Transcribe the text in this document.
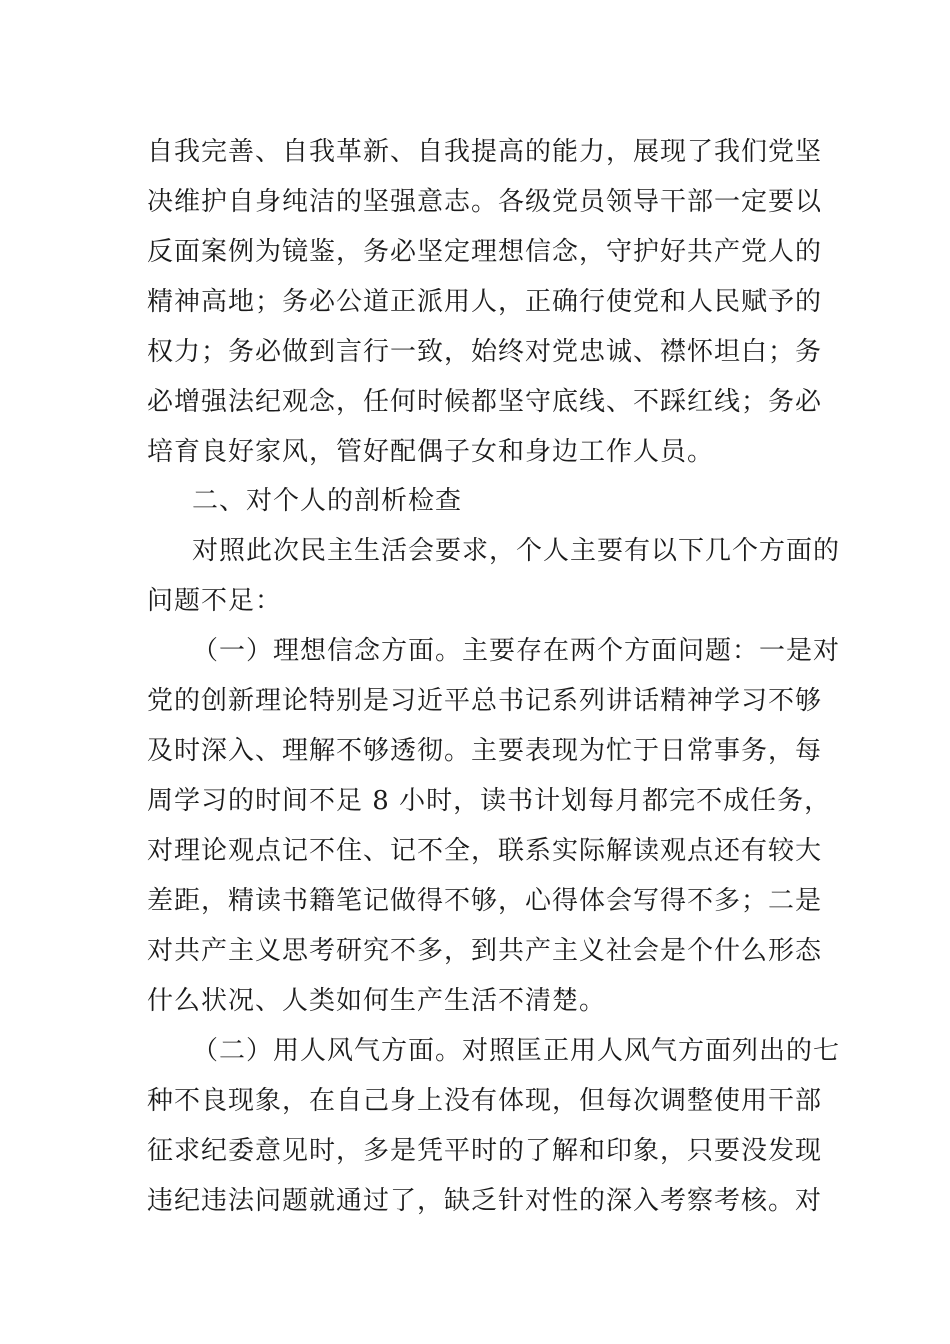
自我完善、自我革新、自我提高的能力，展现了我们党坚
决维护自身纯洁的坚强意志。各级党员领导干部一定要以
反面案例为镜鉴，务必坚定理想信念，守护好共产党人的
精神高地；务必公道正派用人，正确行使党和人民赋予的
权力；务必做到言行一致，始终对党忠诚、襟怀坦白；务
必增强法纪观念，任何时候都坚守底线、不踩红线；务必
培育良好家风，管好配偶子女和身边工作人员。
二、对个人的剖析检查
对照此次民主生活会要求，个人主要有以下几个方面的
问题不足：
（一）理想信念方面。主要存在两个方面问题：一是对
党的创新理论特别是习近平总书记系列讲话精神学习不够
及时深入、理解不够透彻。主要表现为忙于日常事务，每
周学习的时间不足 8 小时，读书计划每月都完不成任务，
对理论观点记不住、记不全，联系实际解读观点还有较大
差距，精读书籍笔记做得不够，心得体会写得不多；二是
对共产主义思考研究不多，到共产主义社会是个什么形态
什么状况、人类如何生产生活不清楚。
（二）用人风气方面。对照匡正用人风气方面列出的七
种不良现象，在自己身上没有体现，但每次调整使用干部
征求纪委意见时，多是凭平时的了解和印象，只要没发现
违纪违法问题就通过了，缺乏针对性的深入考察考核。对
